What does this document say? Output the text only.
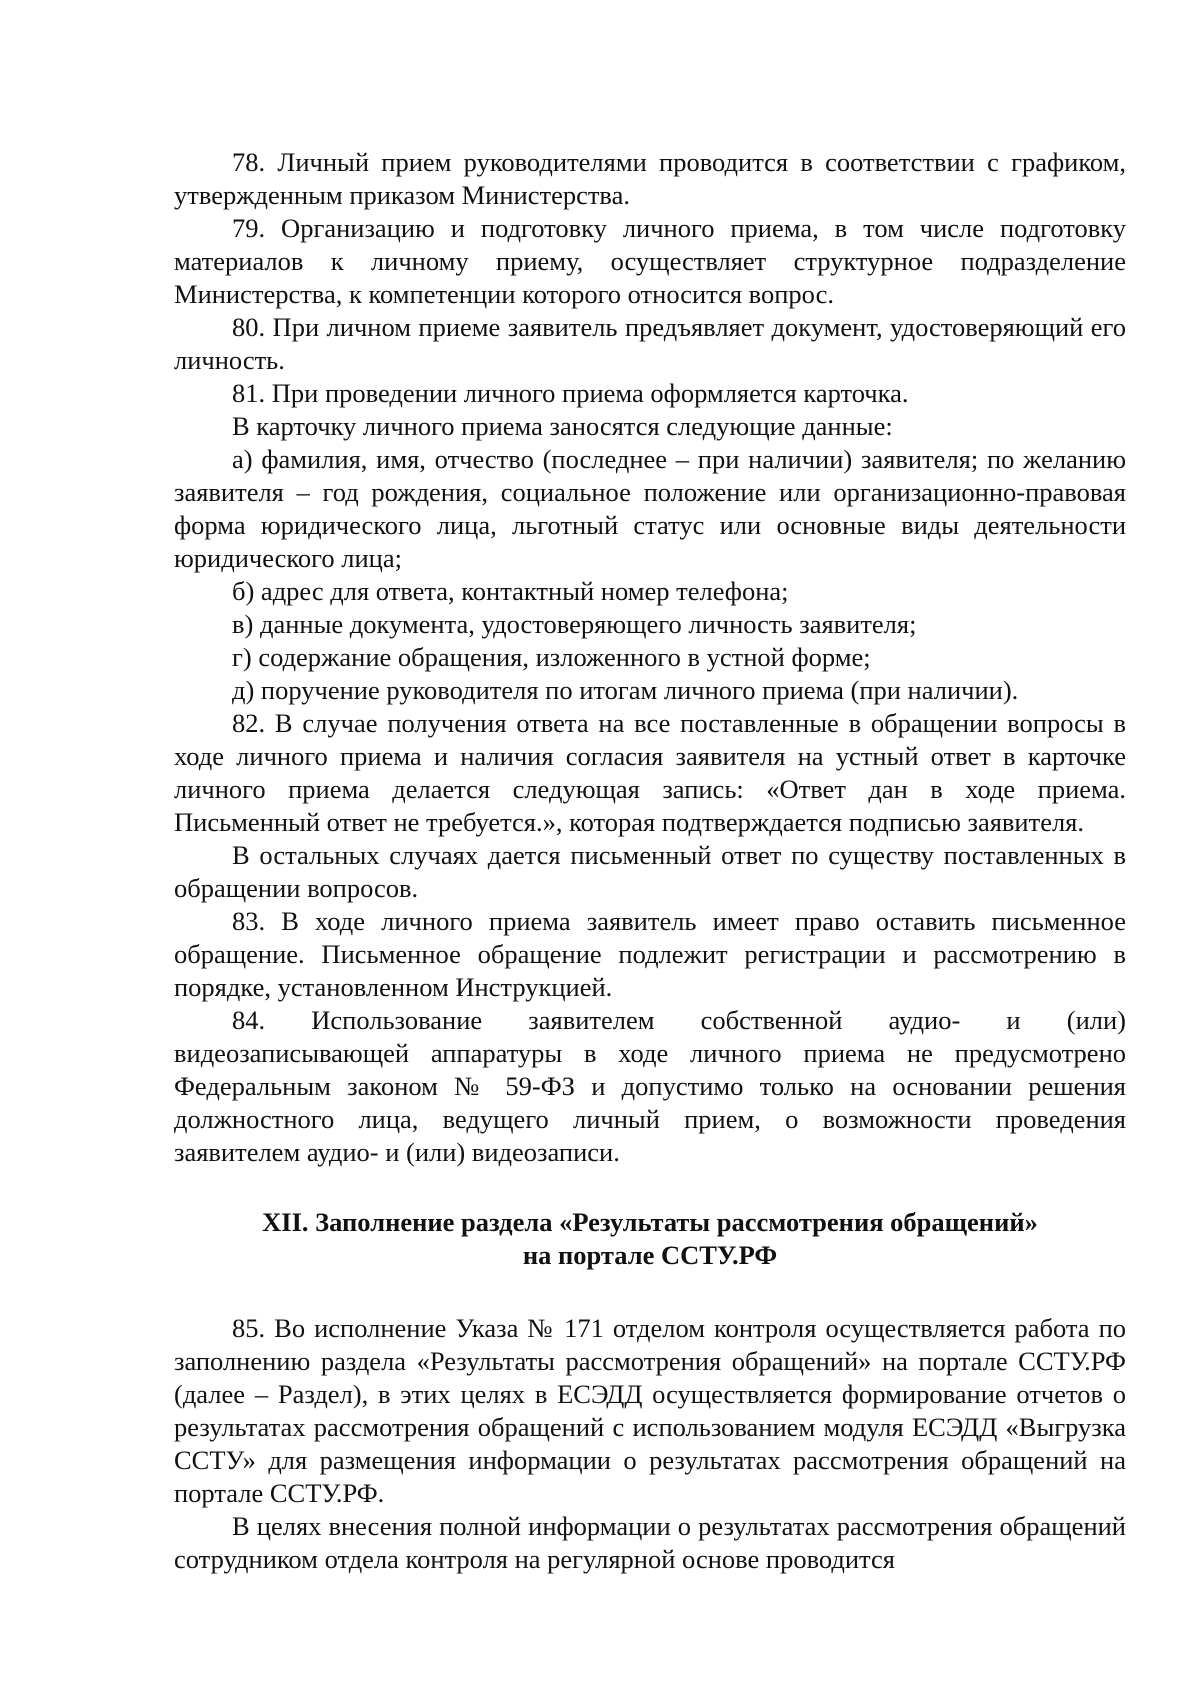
78. Личный прием руководителями проводится в соответствии с графиком, утвержденным приказом Министерства.

79. Организацию и подготовку личного приема, в том числе подготовку материалов к личному приему, осуществляет структурное подразделение Министерства, к компетенции которого относится вопрос.

80. При личном приеме заявитель предъявляет документ, удостоверяющий его личность.

81. При проведении личного приема оформляется карточка.

В карточку личного приема заносятся следующие данные:

а) фамилия, имя, отчество (последнее – при наличии) заявителя; по желанию заявителя – год рождения, социальное положение или организационно-правовая форма юридического лица, льготный статус или основные виды деятельности юридического лица;

б) адрес для ответа, контактный номер телефона;

в) данные документа, удостоверяющего личность заявителя;

г) содержание обращения, изложенного в устной форме;

д) поручение руководителя по итогам личного приема (при наличии).

82. В случае получения ответа на все поставленные в обращении вопросы в ходе личного приема и наличия согласия заявителя на устный ответ в карточке личного приема делается следующая запись: «Ответ дан в ходе приема. Письменный ответ не требуется.», которая подтверждается подписью заявителя.

В остальных случаях дается письменный ответ по существу поставленных в обращении вопросов.

83. В ходе личного приема заявитель имеет право оставить письменное обращение. Письменное обращение подлежит регистрации и рассмотрению в порядке, установленном Инструкцией.

84. Использование заявителем собственной аудио- и (или) видеозаписывающей аппаратуры в ходе личного приема не предусмотрено Федеральным законом № 59-ФЗ и допустимо только на основании решения должностного лица, ведущего личный прием, о возможности проведения заявителем аудио- и (или) видеозаписи.

XII. Заполнение раздела «Результаты рассмотрения обращений»
на портале ССТУ.РФ

85. Во исполнение Указа № 171 отделом контроля осуществляется работа по заполнению раздела «Результаты рассмотрения обращений» на портале ССТУ.РФ (далее – Раздел), в этих целях в ЕСЭДД осуществляется формирование отчетов о результатах рассмотрения обращений с использованием модуля ЕСЭДД «Выгрузка ССТУ» для размещения информации о результатах рассмотрения обращений на портале ССТУ.РФ.

В целях внесения полной информации о результатах рассмотрения обращений сотрудником отдела контроля на регулярной основе проводится
